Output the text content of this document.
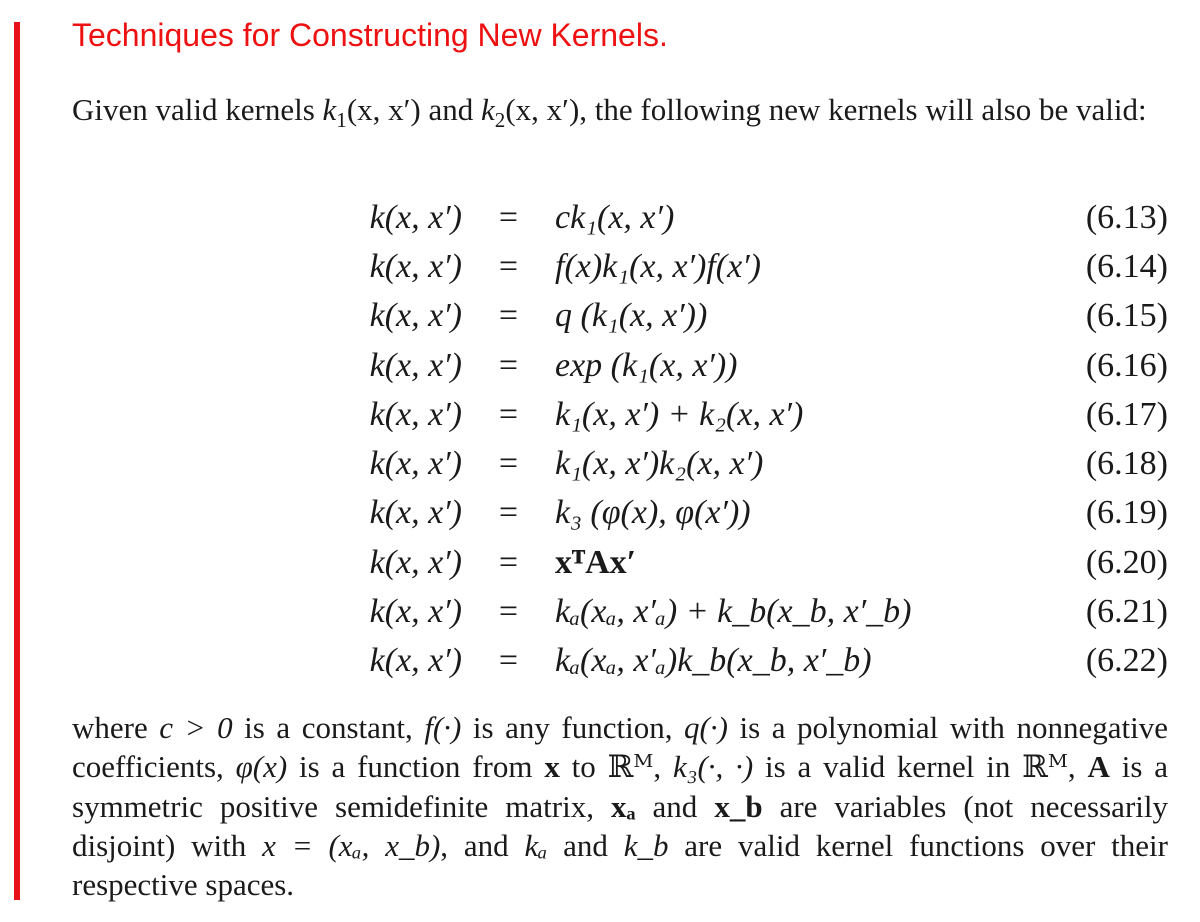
Techniques for Constructing New Kernels.
Given valid kernels $k_1(x$, x′) and $k_2(x$, x′), the following new kernels will also be valid:
k(x, x′)	=	ck₁(x, x′)	(6.13)
k(x, x′)	=	f(x)k₁(x, x′)f(x′)	(6.14)
k(x, x′)	=	q (k₁(x, x′))	(6.15)
k(x, x′)	=	exp (k₁(x, x′))	(6.16)
k(x, x′)	=	k₁(x, x′) + k₂(x, x′)	(6.17)
k(x, x′)	=	k₁(x, x′)k₂(x, x′)	(6.18)
k(x, x′)	=	k₃ (φ(x), φ(x′))	(6.19)
k(x, x′)	=	xᵀAx′	(6.20)
k(x, x′)	=	kₐ(xₐ, x′ₐ) + k_b(x_b, x′_b)	(6.21)
k(x, x′)	=	kₐ(xₐ, x′ₐ)k_b(x_b, x′_b)	(6.22)
where c > 0 is a constant, f(·) is any function, q(·) is a polynomial with nonnegative coefficients, φ(x) is a function from x to ℝᴹ, k₃(·, ·) is a valid kernel in ℝᴹ, A is a symmetric positive semidefinite matrix, xₐ and x_b are variables (not necessarily disjoint) with x = (xₐ, x_b), and kₐ and k_b are valid kernel functions over their respective spaces.
